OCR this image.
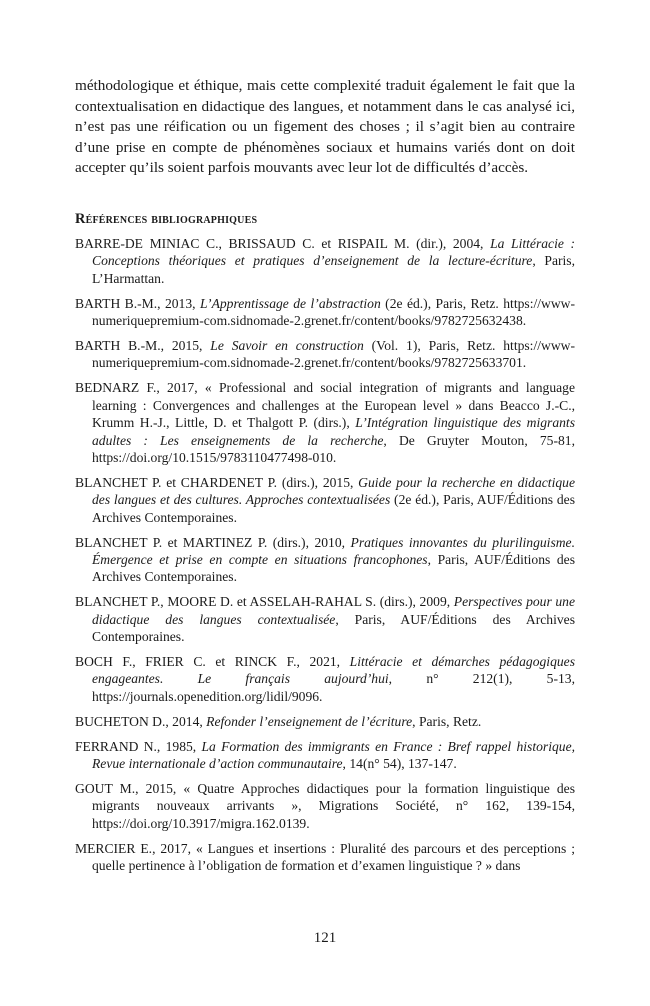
méthodologique et éthique, mais cette complexité traduit également le fait que la contextualisation en didactique des langues, et notamment dans le cas analysé ici, n’est pas une réification ou un figement des choses ; il s’agit bien au contraire d’une prise en compte de phénomènes sociaux et humains variés dont on doit accepter qu’ils soient parfois mouvants avec leur lot de difficultés d’accès.

Références bibliographiques

BARRE-DE MINIAC C., BRISSAUD C. et RISPAIL M. (dir.), 2004, La Littéracie : Conceptions théoriques et pratiques d’enseignement de la lecture-écriture, Paris, L’Harmattan.

BARTH B.-M., 2013, L’Apprentissage de l’abstraction (2e éd.), Paris, Retz. https://www-numeriquepremium-com.sidnomade-2.grenet.fr/content/books/9782725632438.

BARTH B.-M., 2015, Le Savoir en construction (Vol. 1), Paris, Retz. https://www-numeriquepremium-com.sidnomade-2.grenet.fr/content/books/9782725633701.

BEDNARZ F., 2017, « Professional and social integration of migrants and language learning : Convergences and challenges at the European level » dans Beacco J.-C., Krumm H.-J., Little, D. et Thalgott P. (dirs.), L’Intégration linguistique des migrants adultes : Les enseignements de la recherche, De Gruyter Mouton, 75-81, https://doi.org/10.1515/9783110477498-010.

BLANCHET P. et CHARDENET P. (dirs.), 2015, Guide pour la recherche en didactique des langues et des cultures. Approches contextualisées (2e éd.), Paris, AUF/Éditions des Archives Contemporaines.

BLANCHET P. et MARTINEZ P. (dirs.), 2010, Pratiques innovantes du plurilinguisme. Émergence et prise en compte en situations francophones, Paris, AUF/Éditions des Archives Contemporaines.

BLANCHET P., MOORE D. et ASSELAH-RAHAL S. (dirs.), 2009, Perspectives pour une didactique des langues contextualisée, Paris, AUF/Éditions des Archives Contemporaines.

BOCH F., FRIER C. et RINCK F., 2021, Littéracie et démarches pédagogiques engageantes. Le français aujourd’hui, n° 212(1), 5-13, https://journals.openedition.org/lidil/9096.

BUCHETON D., 2014, Refonder l’enseignement de l’écriture, Paris, Retz.

FERRAND N., 1985, La Formation des immigrants en France : Bref rappel historique, Revue internationale d’action communautaire, 14(n° 54), 137-147.

GOUT M., 2015, « Quatre Approches didactiques pour la formation linguistique des migrants nouveaux arrivants », Migrations Société, n° 162, 139-154, https://doi.org/10.3917/migra.162.0139.

MERCIER E., 2017, « Langues et insertions : Pluralité des parcours et des perceptions ; quelle pertinence à l’obligation de formation et d’examen linguistique ? » dans

121
